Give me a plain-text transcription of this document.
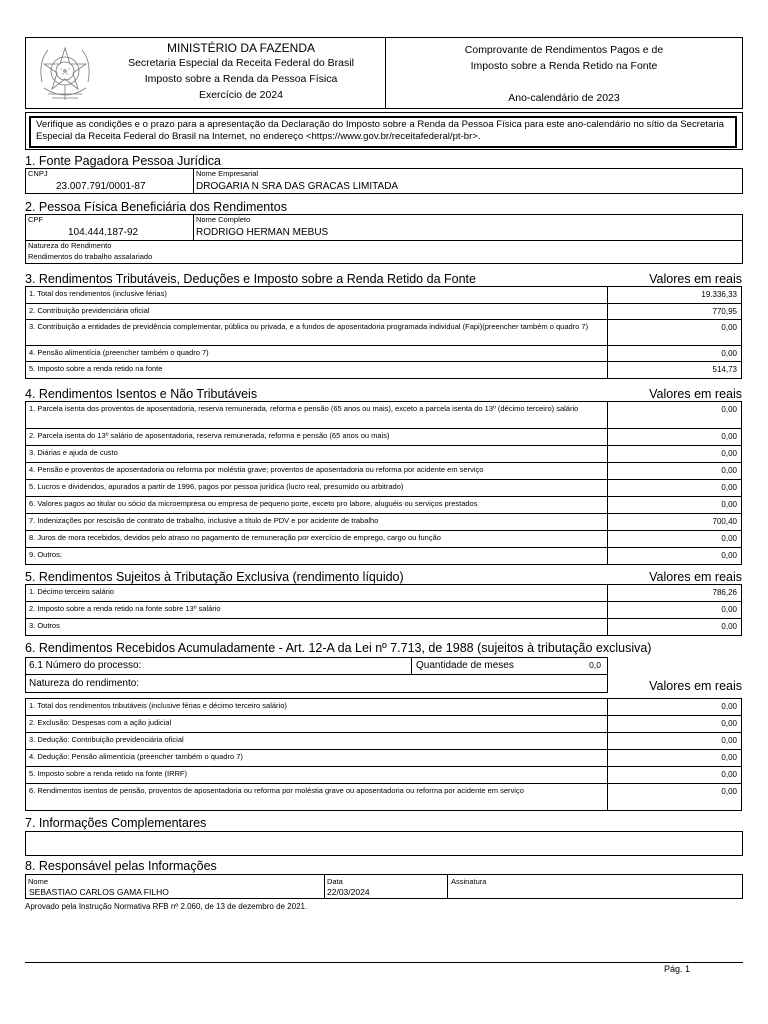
MINISTÉRIO DA FAZENDA
Secretaria Especial da Receita Federal do Brasil
Imposto sobre a Renda da Pessoa Física
Exercício de 2024
Comprovante de Rendimentos Pagos e de
Imposto sobre a Renda Retido na Fonte
Ano-calendário de 2023
Verifique as condições e o prazo para a apresentação da Declaração do Imposto sobre a Renda da Pessoa Física para este ano-calendário no sítio da Secretaria Especial da Receita Federal do Brasil na Internet, no endereço <https://www.gov.br/receitafederal/pt-br>.
1. Fonte Pagadora Pessoa Jurídica
CNPJ
23.007.791/0001-87
Nome Empresarial
DROGARIA N SRA DAS GRACAS LIMITADA
2. Pessoa Física Beneficiária dos Rendimentos
CPF
104.444.187-92
Nome Completo
RODRIGO HERMAN MEBUS
Natureza do Rendimento
Rendimentos do trabalho assalariado
3. Rendimentos Tributáveis, Deduções e Imposto sobre a Renda Retido da Fonte	Valores em reais
1. Total dos rendimentos (inclusive férias)	19.336,33
2. Contribuição previdenciária oficial	770,95
3. Contribuição a entidades de previdência complementar, pública ou privada, e a fundos de aposentadoria programada individual (Fapi)(preencher também o quadro 7)	0,00
4. Pensão alimentícia (preencher também o quadro 7)	0,00
5. Imposto sobre a renda retido na fonte	514,73
4. Rendimentos Isentos e Não Tributáveis	Valores em reais
1. Parcela isenta dos proventos de aposentadoria, reserva remunerada, reforma e pensão (65 anos ou mais), exceto a parcela isenta do 13º (décimo terceiro) salário	0,00
2. Parcela isenta do 13º salário de aposentadoria, reserva remunerada, reforma e pensão (65 anos ou mais)	0,00
3. Diárias e ajuda de custo	0,00
4. Pensão e proventos de aposentadoria ou reforma por moléstia grave; proventos de aposentadoria ou reforma por acidente em serviço	0,00
5. Lucros e dividendos, apurados a partir de 1996, pagos por pessoa jurídica (lucro real, presumido ou arbitrado)	0,00
6. Valores pagos ao titular ou sócio da microempresa ou empresa de pequeno porte, exceto pro labore, aluguéis ou serviços prestados	0,00
7. Indenizações por rescisão de contrato de trabalho, inclusive a título de PDV e por acidente de trabalho	700,40
8. Juros de mora recebidos, devidos pelo atraso no pagamento de remuneração por exercício de emprego, cargo ou função	0,00
9. Outros:	0,00
5. Rendimentos Sujeitos à Tributação Exclusiva (rendimento líquido)	Valores em reais
1. Décimo terceiro salário	786,26
2. Imposto sobre a renda retido na fonte sobre 13º salário	0,00
3. Outros	0,00
6. Rendimentos Recebidos Acumuladamente - Art. 12-A da Lei nº 7.713, de 1988 (sujeitos à tributação exclusiva)
6.1 Número do processo:	Quantidade de meses	0,0
Natureza do rendimento:	Valores em reais
1. Total dos rendimentos tributáveis (inclusive férias e décimo terceiro salário)	0,00
2. Exclusão: Despesas com a ação judicial	0,00
3. Dedução: Contribuição previdenciária oficial	0,00
4. Dedução: Pensão alimentícia (preencher também o quadro 7)	0,00
5. Imposto sobre a renda retido na fonte (IRRF)	0,00
6. Rendimentos isentos de pensão, proventos de aposentadoria ou reforma por moléstia grave ou aposentadoria ou reforma por acidente em serviço	0,00
7. Informações Complementares
8. Responsável pelas Informações
Nome
SEBASTIAO CARLOS GAMA FILHO
Data
22/03/2024
Assinatura
Aprovado pela Instrução Normativa RFB nº 2.060, de 13 de dezembro de 2021.
Pág. 1
